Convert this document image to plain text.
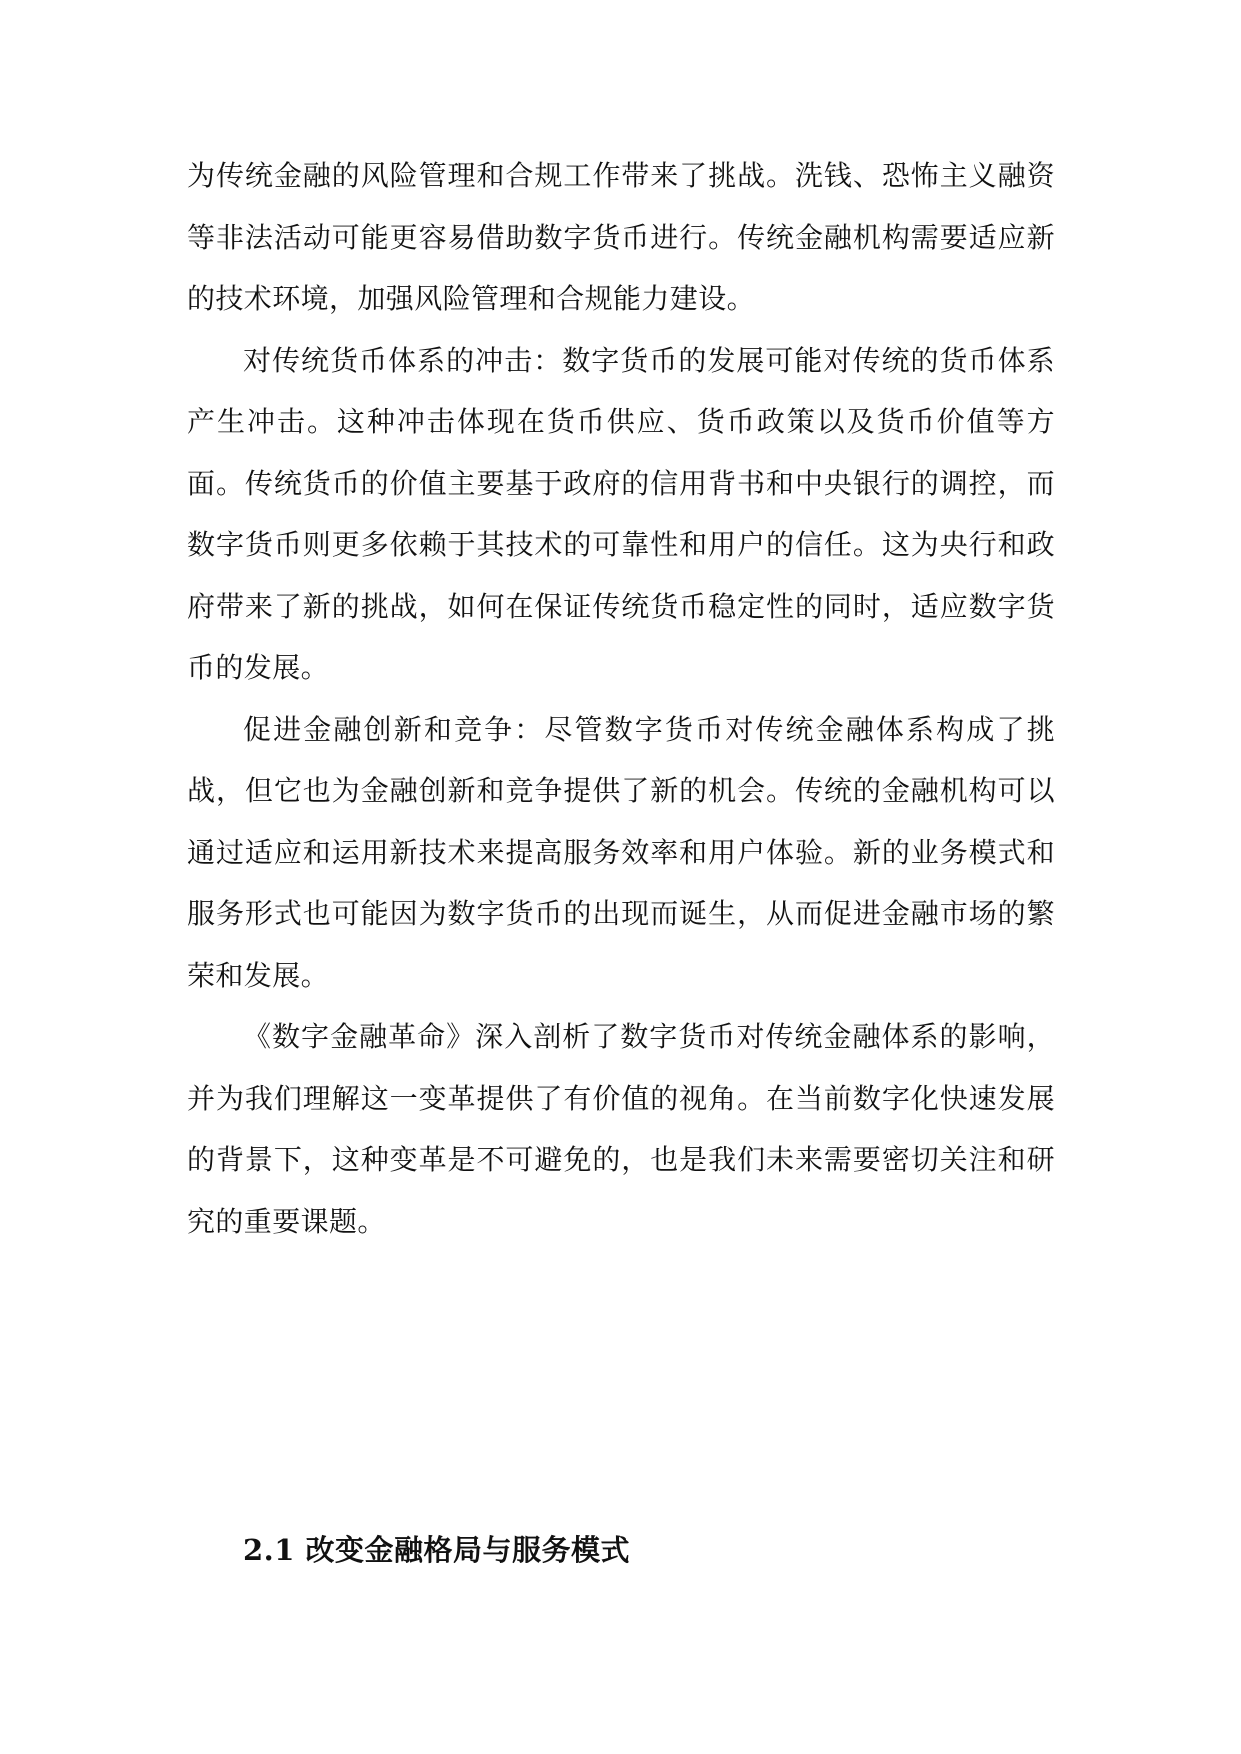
为传统金融的风险管理和合规工作带来了挑战。洗钱、恐怖主义融资等非法活动可能更容易借助数字货币进行。传统金融机构需要适应新的技术环境，加强风险管理和合规能力建设。

对传统货币体系的冲击：数字货币的发展可能对传统的货币体系产生冲击。这种冲击体现在货币供应、货币政策以及货币价值等方面。传统货币的价值主要基于政府的信用背书和中央银行的调控，而数字货币则更多依赖于其技术的可靠性和用户的信任。这为央行和政府带来了新的挑战，如何在保证传统货币稳定性的同时，适应数字货币的发展。

促进金融创新和竞争：尽管数字货币对传统金融体系构成了挑战，但它也为金融创新和竞争提供了新的机会。传统的金融机构可以通过适应和运用新技术来提高服务效率和用户体验。新的业务模式和服务形式也可能因为数字货币的出现而诞生，从而促进金融市场的繁荣和发展。

《数字金融革命》深入剖析了数字货币对传统金融体系的影响，并为我们理解这一变革提供了有价值的视角。在当前数字化快速发展的背景下，这种变革是不可避免的，也是我们未来需要密切关注和研究的重要课题。

2.1 改变金融格局与服务模式
